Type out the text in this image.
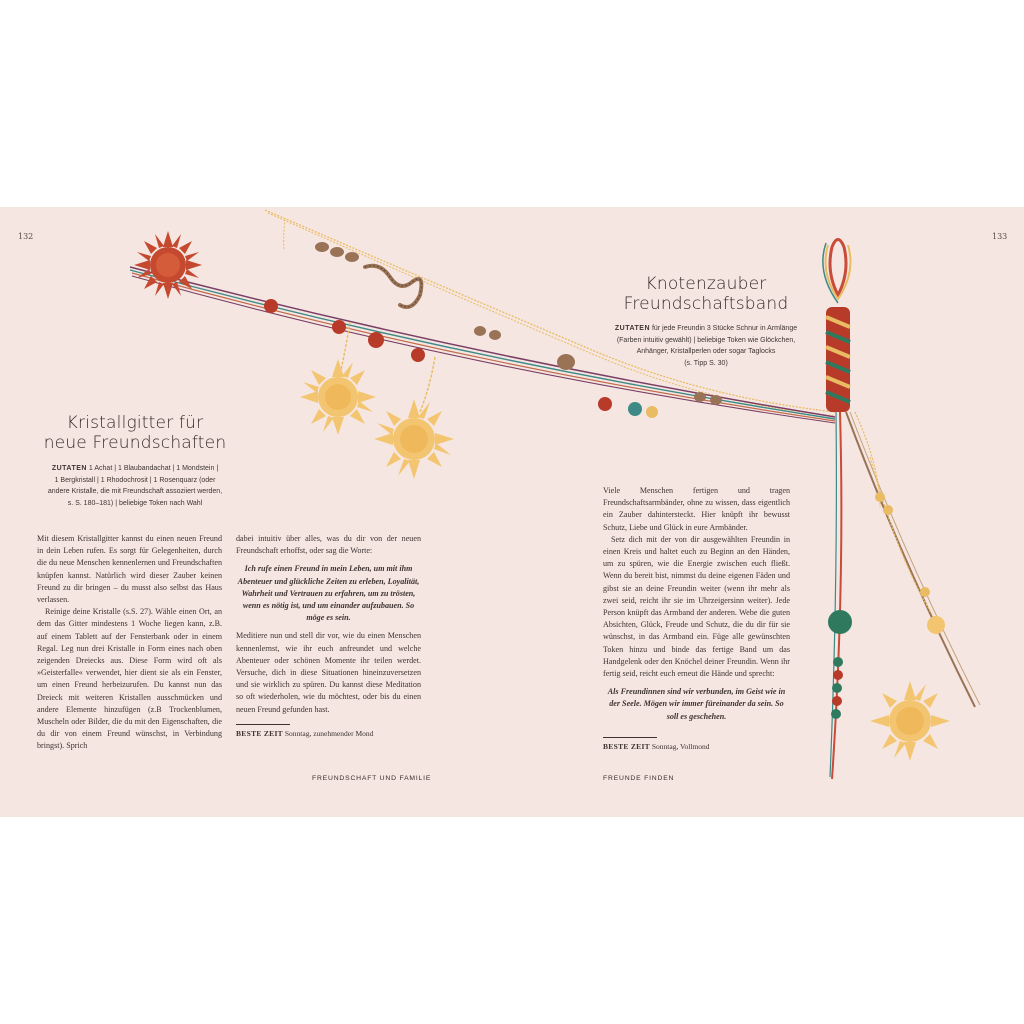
132
Kristallgitter für
neue Freundschaften
ZUTATEN 1 Achat | 1 Blaubandachat | 1 Mondstein |
1 Bergkristall | 1 Rhodochrosit | 1 Rosenquarz (oder
andere Kristalle, die mit Freundschaft assoziiert werden,
s. S. 180–181) | beliebige Token nach Wahl

Mit diesem Kristallgitter kannst du einen neuen Freund in dein Leben rufen. Es sorgt für Gelegenheiten, durch die du neue Menschen kennenlernen und Freundschaften knüpfen kannst. Natürlich wird dieser Zauber keinen Freund zu dir bringen – du musst also selbst das Haus verlassen.

Reinige deine Kristalle (s.S. 27). Wähle einen Ort, an dem das Gitter mindestens 1 Woche liegen kann, z.B. auf einem Tablett auf der Fensterbank oder in einem Regal. Leg nun drei Kristalle in Form eines nach oben zeigenden Dreiecks aus. Diese Form wird oft als »Geisterfalle« verwendet, hier dient sie als ein Fenster, um einen Freund herbeizurufen. Du kannst nun das Dreieck mit weiteren Kristallen ausschmücken und andere Elemente hinzufügen (z.B Trockenblumen, Muscheln oder Bilder, die du mit den Eigenschaften, die du dir von einem Freund wünschst, in Verbindung bringst). Sprich

dabei intuitiv über alles, was du dir von der neuen Freundschaft erhoffst, oder sag die Worte:

Ich rufe einen Freund in mein Leben, um mit ihm Abenteuer und glückliche Zeiten zu erleben, Loyalität, Wahrheit und Vertrauen zu erfahren, um zu trösten, wenn es nötig ist, und um einander aufzubauen. So möge es sein.

Meditiere nun und stell dir vor, wie du einen Menschen kennenlernst, wie ihr euch anfreundet und welche Abenteuer oder schönen Momente ihr teilen werdet. Versuche, dich in diese Situationen hineinzuversetzen und sie wirklich zu spüren. Du kannst diese Meditation so oft wiederholen, wie du möchtest, oder bis du einen neuen Freund gefunden hast.

BESTE ZEIT Sonntag, zunehmender Mond
FREUNDSCHAFT UND FAMILIE
133
Knotenzauber
Freundschaftsband
ZUTATEN für jede Freundin 3 Stücke Schnur in Armlänge
(Farben intuitiv gewählt) | beliebige Token wie Glöckchen,
Anhänger, Kristallperlen oder sogar Taglocks
(s. Tipp S. 30)

Viele Menschen fertigen und tragen Freundschaftsarmbänder, ohne zu wissen, dass eigentlich ein Zauber dahintersteckt. Hier knüpft ihr bewusst Schutz, Liebe und Glück in eure Armbänder.

Setz dich mit der von dir ausgewählten Freundin in einen Kreis und haltet euch zu Beginn an den Händen, um zu spüren, wie die Energie zwischen euch fließt. Wenn du bereit bist, nimmst du deine eigenen Fäden und gibst sie an deine Freundin weiter (wenn ihr mehr als zwei seid, reicht ihr sie im Uhrzeigersinn weiter). Jede Person knüpft das Armband der anderen. Webe die guten Absichten, Glück, Freude und Schutz, die du dir für sie wünschst, in das Armband ein. Füge alle gewünschten Token hinzu und binde das fertige Band um das Handgelenk oder den Knöchel deiner Freundin. Wenn ihr fertig seid, reicht euch erneut die Hände und sprecht:

Als Freundinnen sind wir verbunden, im Geist wie in der Seele. Mögen wir immer füreinander da sein. So soll es geschehen.

BESTE ZEIT Sonntag, Vollmond
FREUNDE FINDEN
